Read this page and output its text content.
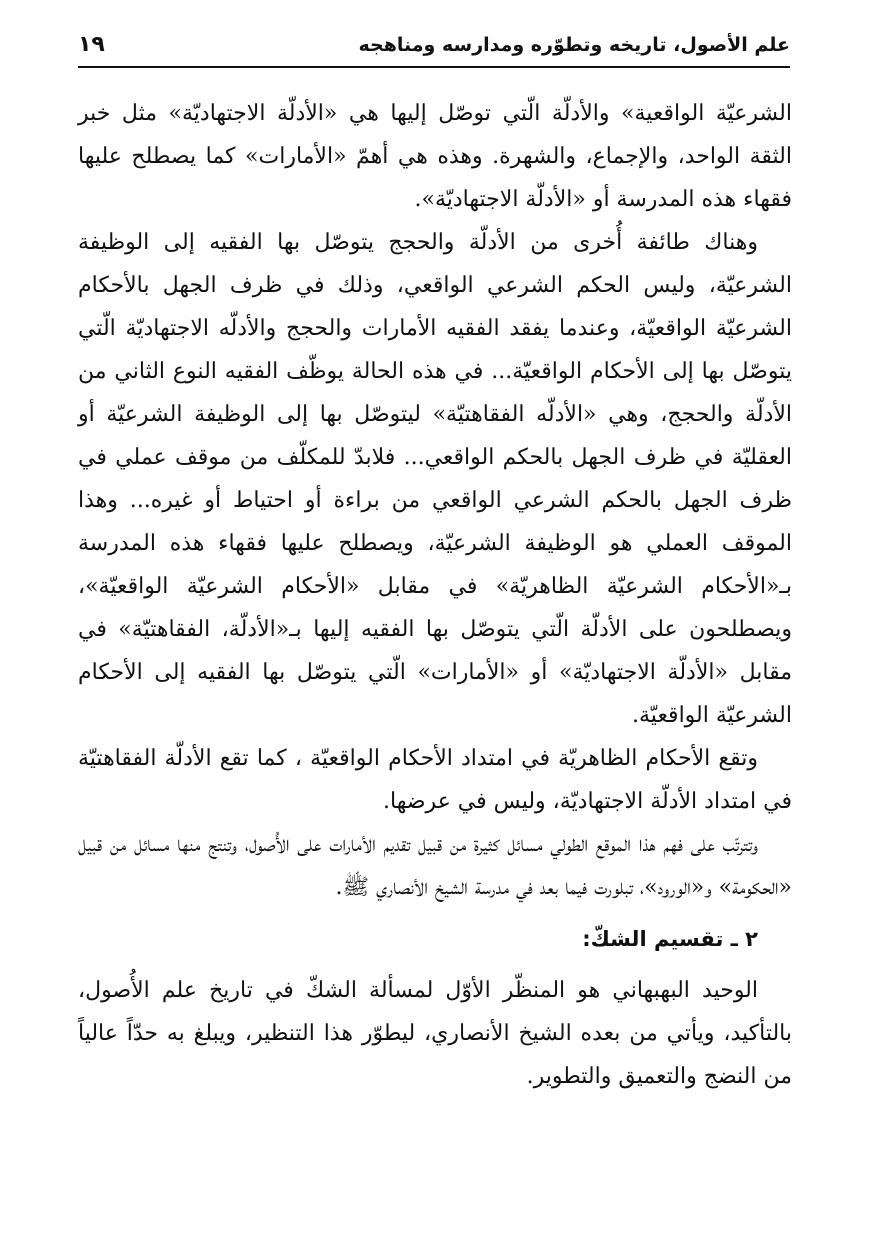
علم الأصول، تاريخه وتطوّره ومدارسه ومناهجه
١٩

الشرعيّة الواقعية» والأدلّة الّتي توصّل إليها هي «الأدلّة الاجتهاديّة» مثل خبر الثقة الواحد، والإجماع، والشهرة. وهذه هي أهمّ «الأمارات» كما يصطلح عليها فقهاء هذه المدرسة أو «الأدلّة الاجتهاديّة».

وهناك طائفة أُخرى من الأدلّة والحجج يتوصّل بها الفقيه إلى الوظيفة الشرعيّة، وليس الحكم الشرعي الواقعي، وذلك في ظرف الجهل بالأحكام الشرعيّة الواقعيّة، وعندما يفقد الفقيه الأمارات والحجج والأدلّه الاجتهاديّة الّتي يتوصّل بها إلى الأحكام الواقعيّة... في هذه الحالة يوظّف الفقيه النوع الثاني من الأدلّة والحجج، وهي «الأدلّه الفقاهتيّة» ليتوصّل بها إلى الوظيفة الشرعيّة أو العقليّة في ظرف الجهل بالحكم الواقعي... فلابدّ للمكلّف من موقف عملي في ظرف الجهل بالحكم الشرعي الواقعي من براءة أو احتياط أو غيره... وهذا الموقف العملي هو الوظيفة الشرعيّة، ويصطلح عليها فقهاء هذه المدرسة بـ«الأحكام الشرعيّة الظاهريّة» في مقابل «الأحكام الشرعيّة الواقعيّة»، ويصطلحون على الأدلّة الّتي يتوصّل بها الفقيه إليها بـ«الأدلّة، الفقاهتيّة» في مقابل «الأدلّة الاجتهاديّة» أو «الأمارات» الّتي يتوصّل بها الفقيه إلى الأحكام الشرعيّة الواقعيّة.

وتقع الأحكام الظاهريّة في امتداد الأحكام الواقعيّة ، كما تقع الأدلّة الفقاهتيّة في امتداد الأدلّة الاجتهاديّة، وليس في عرضها.

وتترتّب على فهم هذا الموقع الطولي مسائل كثيرة من قبيل تقديم الأمارات على الأُصول، وتنتج منها مسائل من قبيل «الحكومة» و«الورود»، تبلورت فيما بعد في مدرسة الشيخ الأنصاري ﷺ.

٢ ـ تقسيم الشكّ:

الوحيد البهبهاني هو المنظّر الأوّل لمسألة الشكّ في تاريخ علم الأُصول، بالتأكيد، ويأتي من بعده الشيخ الأنصاري، ليطوّر هذا التنظير، ويبلغ به حدّاً عالياً من النضج والتعميق والتطوير.
